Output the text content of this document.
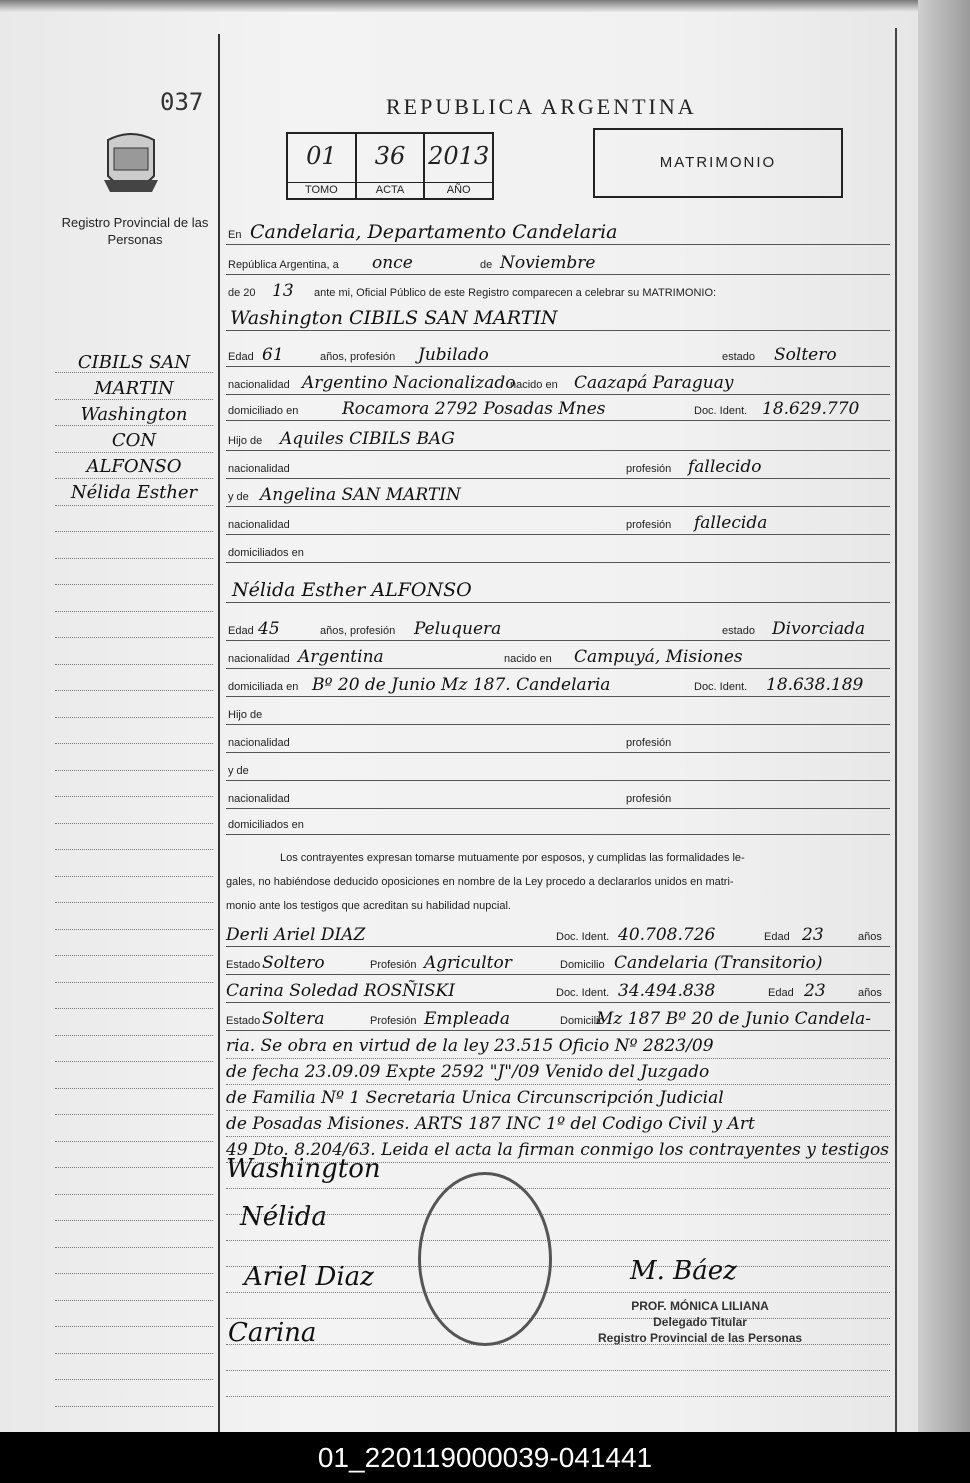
037
Registro Provincial de las Personas
REPUBLICA ARGENTINA
01
TOMO
36
ACTA
2013
AÑO
MATRIMONIO
CIBILS SAN
MARTIN
Washington
CON
ALFONSO
Nélida Esther
En Candelaria, Departamento Candelaria
República Argentina, a once	de Noviembre
de 20 13 ante mi, Oficial Público de este Registro comparecen a celebrar su MATRIMONIO:
Washington CIBILS SAN MARTIN
Edad 61	años, profesión Jubilado	estado Soltero
nacionalidad Argentino Nacionalizado
nacido en Caazapá Paraguay
domiciliado en	Rocamora 2792 Posadas Mnes	Doc. Ident. 18.629.770
Hijo de Aquiles CIBILS BAG
nacionalidad	profesión fallecido
y de Angelina SAN MARTIN
nacionalidad	profesión fallecida
domiciliados en
Nélida Esther ALFONSO
Edad 45	años, profesión Peluquera	estado Divorciada
nacionalidad Argentina	nacido en Campuyá, Misiones
domiciliada en Bº 20 de Junio Mz 187. Candelaria	Doc. Ident. 18.638.189
Hijo de
nacionalidad	profesión
y de
nacionalidad	profesión
domiciliados en
Los contrayentes expresan tomarse mutuamente por esposos, y cumplidas las formalidades le-
gales, no habiéndose deducido oposiciones en nombre de la Ley procedo a declararlos unidos en matri-
monio ante los testigos que acreditan su habilidad nupcial.
Derli Ariel DIAZ	Doc. Ident. 40.708.726	Edad 23	años
Estado Soltero	Profesión Agricultor	Domicilio Candelaria (Transitorio)
Carina Soledad ROSÑISKI	Doc. Ident. 34.494.838	Edad 23	años
Estado Soltera	Profesión Empleada	Domicilio
Mz 187 Bº 20 de Junio Candela-
ria. Se obra en virtud de la ley 23.515 Oficio Nº 2823/09
de fecha 23.09.09 Expte 2592 "J"/09 Venido del Juzgado
de Familia Nº 1 Secretaria Unica Circunscripción Judicial
de Posadas Misiones. ARTS 187 INC 1º del Codigo Civil y Art
49 Dto. 8.204/63. Leida el acta la firman conmigo los contrayentes y testigos
Washington
Nélida
Ariel Diaz
Carina
M. Báez
PROF. MÓNICA LILIANA
Delegado Titular
Registro Provincial de las Personas
01_220119000039-041441
